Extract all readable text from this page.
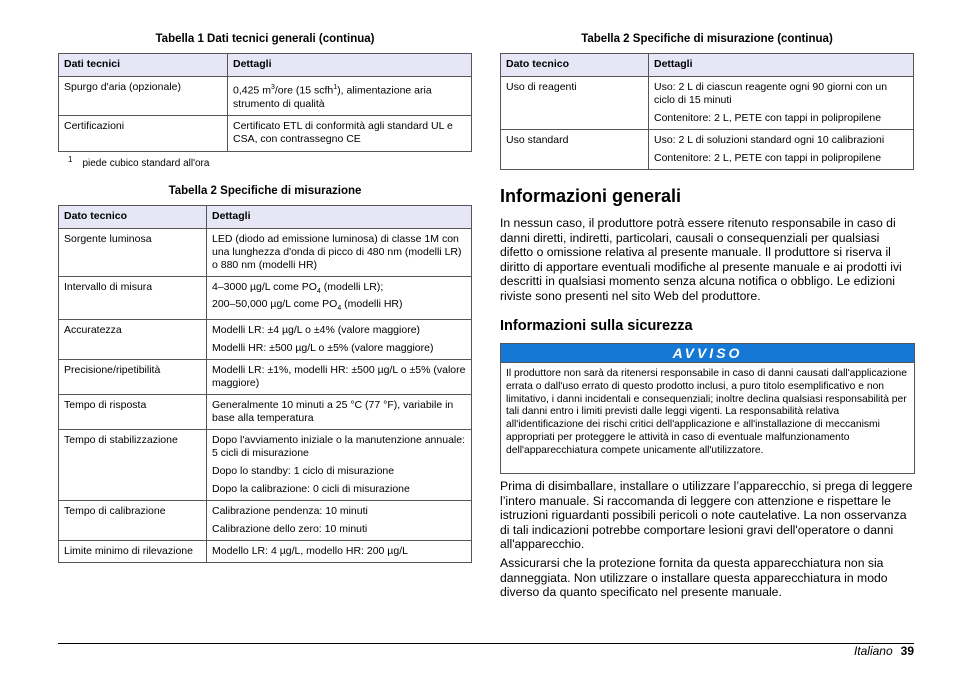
Tabella 1 Dati tecnici generali (continua)
Dati tecnici	Dettagli
Spurgo d'aria (opzionale)	0,425 $m^3$/ore (15 scfh$^1$), alimentazione aria strumento di qualità
Certificazioni	Certificato ETL di conformità agli standard UL e CSA, con contrassegno CE
$^1$ piede cubico standard all'ora
Tabella 2 Specifiche di misurazione
Dato tecnico	Dettagli
Sorgente luminosa	LED (diodo ad emissione luminosa) di classe 1M con una lunghezza d'onda di picco di 480 nm (modelli LR) o 880 nm (modelli HR)
Intervallo di misura	4–3000 µg/L come $PO_4$ (modelli LR);
200–50,000 µg/L come $PO_4$ (modelli HR)
Accuratezza	Modelli LR: ±4 µg/L o ±4% (valore maggiore)

Modelli HR: ±500 µg/L o ±5% (valore maggiore)

Precisione/ripetibilità	Modelli LR: ±1%, modelli HR: ±500 µg/L o ±5% (valore maggiore)
Tempo di risposta	Generalmente 10 minuti a 25 °C (77 °F), variabile in base alla temperatura
Tempo di stabilizzazione	Dopo l'avviamento iniziale o la manutenzione annuale: 5 cicli di misurazione

Dopo lo standby: 1 ciclo di misurazione

Dopo la calibrazione: 0 cicli di misurazione

Tempo di calibrazione	Calibrazione pendenza: 10 minuti

Calibrazione dello zero: 10 minuti

Limite minimo di rilevazione	Modello LR: 4 µg/L, modello HR: 200 µg/L
Tabella 2 Specifiche di misurazione (continua)
Dato tecnico	Dettagli
Uso di reagenti	Uso: 2 L di ciascun reagente ogni 90 giorni con un ciclo di 15 minuti

Contenitore: 2 L, PETE con tappi in polipropilene

Uso standard	Uso: 2 L di soluzioni standard ogni 10 calibrazioni

Contenitore: 2 L, PETE con tappi in polipropilene

Informazioni generali

In nessun caso, il produttore potrà essere ritenuto responsabile in caso di danni diretti, indiretti, particolari, causali o consequenziali per qualsiasi difetto o omissione relativa al presente manuale. Il produttore si riserva il diritto di apportare eventuali modifiche al presente manuale e ai prodotti ivi descritti in qualsiasi momento senza alcuna notifica o obbligo. Le edizioni riviste sono presenti nel sito Web del produttore.

Informazioni sulla sicurezza
AVVISO
Il produttore non sarà da ritenersi responsabile in caso di danni causati dall'applicazione errata o dall'uso errato di questo prodotto inclusi, a puro titolo esemplificativo e non limitativo, i danni incidentali e consequenziali; inoltre declina qualsiasi responsabilità per tali danni entro i limiti previsti dalle leggi vigenti. La responsabilità relativa all'identificazione dei rischi critici dell'applicazione e all'installazione di meccanismi appropriati per proteggere le attività in caso di eventuale malfunzionamento dell'apparecchiatura compete unicamente all'utilizzatore.

Prima di disimballare, installare o utilizzare l’apparecchio, si prega di leggere l’intero manuale. Si raccomanda di leggere con attenzione e rispettare le istruzioni riguardanti possibili pericoli o note cautelative. La non osservanza di tali indicazioni potrebbe comportare lesioni gravi dell'operatore o danni all'apparecchio.

Assicurarsi che la protezione fornita da questa apparecchiatura non sia danneggiata. Non utilizzare o installare questa apparecchiatura in modo diverso da quanto specificato nel presente manuale.

Italiano 39
